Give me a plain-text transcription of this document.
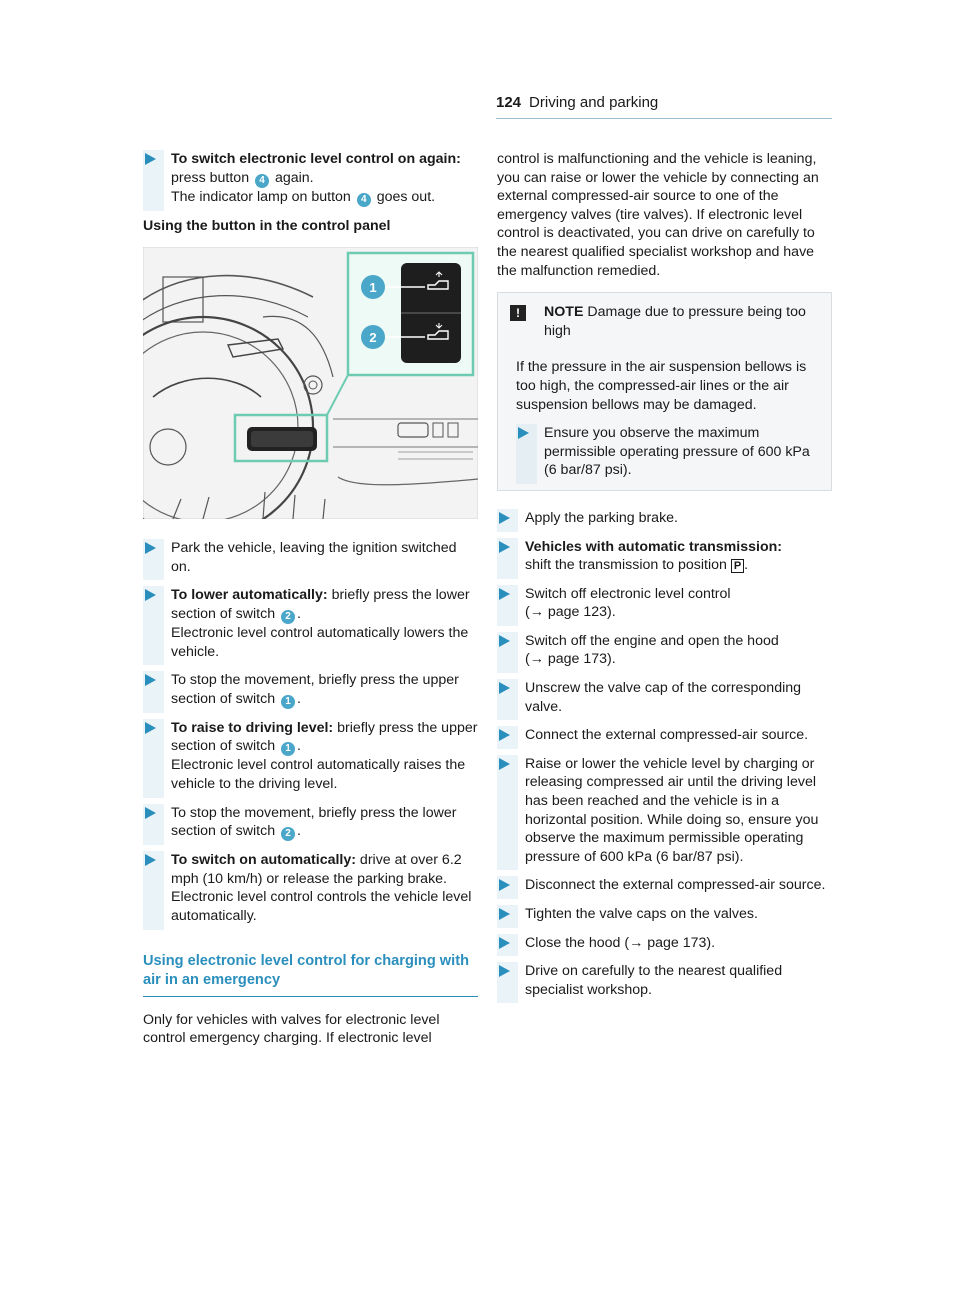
124 Driving and parking

To switch electronic level control on again: press button 4 again.

The indicator lamp on button 4 goes out.

Using the button in the control panel

1
2

Park the vehicle, leaving the ignition switched on.

To lower automatically: briefly press the lower section of switch 2 .

Electronic level control automatically lowers the vehicle.

To stop the movement, briefly press the upper section of switch 1 .

To raise to driving level: briefly press the upper section of switch 1 .

Electronic level control automatically raises the vehicle to the driving level.

To stop the movement, briefly press the lower section of switch 2 .

To switch on automatically: drive at over 6.2 mph (10 km/h) or release the parking brake.

Electronic level control controls the vehicle level automatically.

Using electronic level control for charging with air in an emergency

Only for vehicles with valves for electronic level control emergency charging. If electronic level

control is malfunctioning and the vehicle is leaning, you can raise or lower the vehicle by connecting an external compressed-air source to one of the emergency valves (tire valves). If electronic level control is deactivated, you can drive on carefully to the nearest qualified specialist workshop and have the malfunction remedied.

!	NOTE Damage due to pressure being too high

If the pressure in the air suspension bellows is too high, the compressed-air lines or the air suspension bellows may be damaged.

Ensure you observe the maximum permissible operating pressure of 600 kPa (6 bar/87 psi).

Apply the parking brake.

Vehicles with automatic transmission:

shift the transmission to position P .

Switch off electronic level control

(→ page 123).

Switch off the engine and open the hood

(→ page 173).

Unscrew the valve cap of the corresponding valve.

Connect the external compressed-air source.

Raise or lower the vehicle level by charging or releasing compressed air until the driving level has been reached and the vehicle is in a horizontal position. While doing so, ensure you observe the maximum permissible operating pressure of 600 kPa (6 bar/87 psi).

Disconnect the external compressed-air source.

Tighten the valve caps on the valves.

Close the hood (→ page 173).

Drive on carefully to the nearest qualified specialist workshop.
